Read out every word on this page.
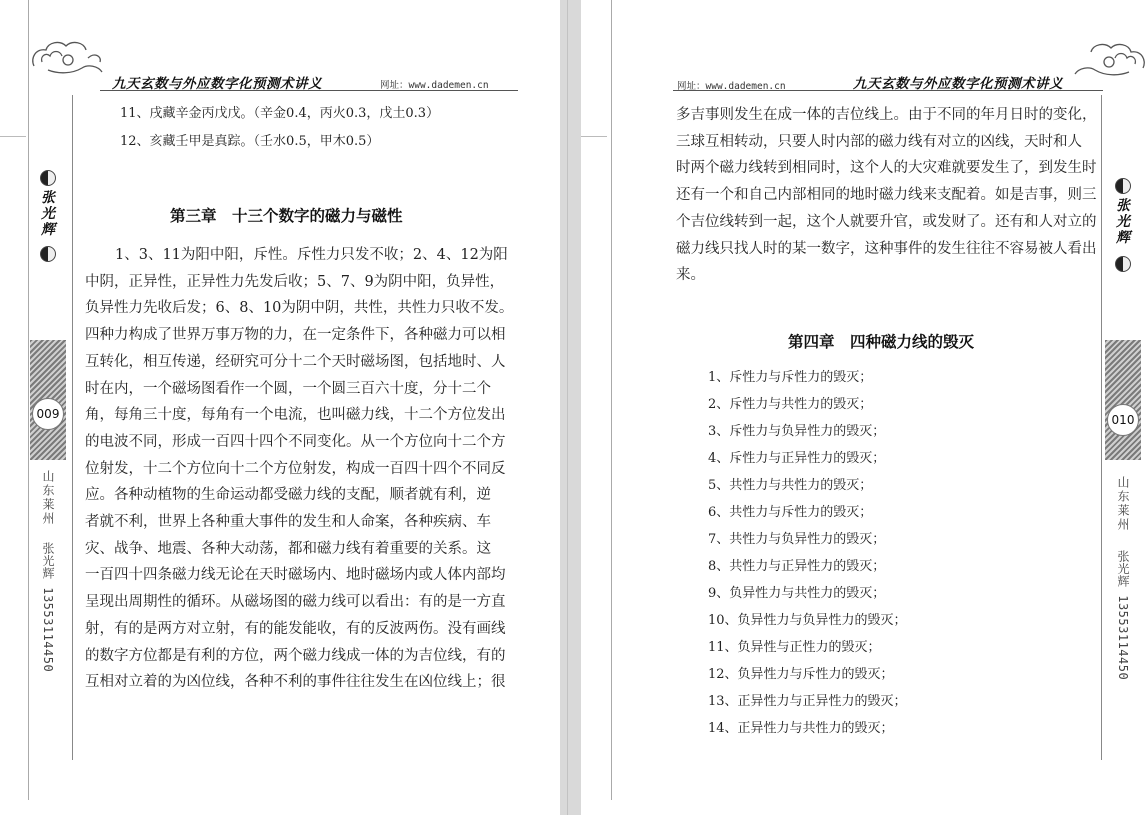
九天玄数与外应数字化预测术讲义	网址：www.dademen.cn
张光辉
009
山东莱州
张光辉 13553114450
11、戌藏辛金丙戊戊。（辛金0.4，丙火0.3，戊土0.3）
12、亥藏壬甲是真踪。（壬水0.5，甲木0.5）
第三章　十三个数字的磁力与磁性
1、3、11为阳中阳，斥性。斥性力只发不收；2、4、12为阳
中阴，正异性，正异性力先发后收；5、7、9为阴中阳，负异性，
负异性力先收后发；6、8、10为阴中阴，共性，共性力只收不发。
四种力构成了世界万事万物的力，在一定条件下，各种磁力可以相
互转化，相互传递，经研究可分十二个天时磁场图，包括地时、人
时在内，一个磁场图看作一个圆，一个圆三百六十度，分十二个
角，每角三十度，每角有一个电流，也叫磁力线，十二个方位发出
的电波不同，形成一百四十四个不同变化。从一个方位向十二个方
位射发，十二个方位向十二个方位射发，构成一百四十四个不同反
应。各种动植物的生命运动都受磁力线的支配，顺者就有利，逆
者就不利，世界上各种重大事件的发生和人命案，各种疾病、车
灾、战争、地震、各种大动荡，都和磁力线有着重要的关系。这
一百四十四条磁力线无论在天时磁场内、地时磁场内或人体内部均
呈现出周期性的循环。从磁场图的磁力线可以看出：有的是一方直
射，有的是两方对立射，有的能发能收，有的反波两伤。没有画线
的数字方位都是有利的方位，两个磁力线成一体的为吉位线，有的
互相对立着的为凶位线，各种不利的事件往往发生在凶位线上；很
网址：www.dademen.cn	九天玄数与外应数字化预测术讲义
张光辉
010
山东莱州
张光辉 13553114450
多吉事则发生在成一体的吉位线上。由于不同的年月日时的变化，
三球互相转动，只要人时内部的磁力线有对立的凶线，天时和人
时两个磁力线转到相同时，这个人的大灾难就要发生了，到发生时
还有一个和自己内部相同的地时磁力线来支配着。如是吉事，则三
个吉位线转到一起，这个人就要升官，或发财了。还有和人对立的
磁力线只找人时的某一数字，这种事件的发生往往不容易被人看出
来。
第四章　四种磁力线的毁灭
1、斥性力与斥性力的毁灭；
2、斥性力与共性力的毁灭；
3、斥性力与负异性力的毁灭；
4、斥性力与正异性力的毁灭；
5、共性力与共性力的毁灭；
6、共性力与斥性力的毁灭；
7、共性力与负异性力的毁灭；
8、共性力与正异性力的毁灭；
9、负异性力与共性力的毁灭；
10、负异性力与负异性力的毁灭；
11、负异性与正性力的毁灭；
12、负异性力与斥性力的毁灭；
13、正异性力与正异性力的毁灭；
14、正异性力与共性力的毁灭；
